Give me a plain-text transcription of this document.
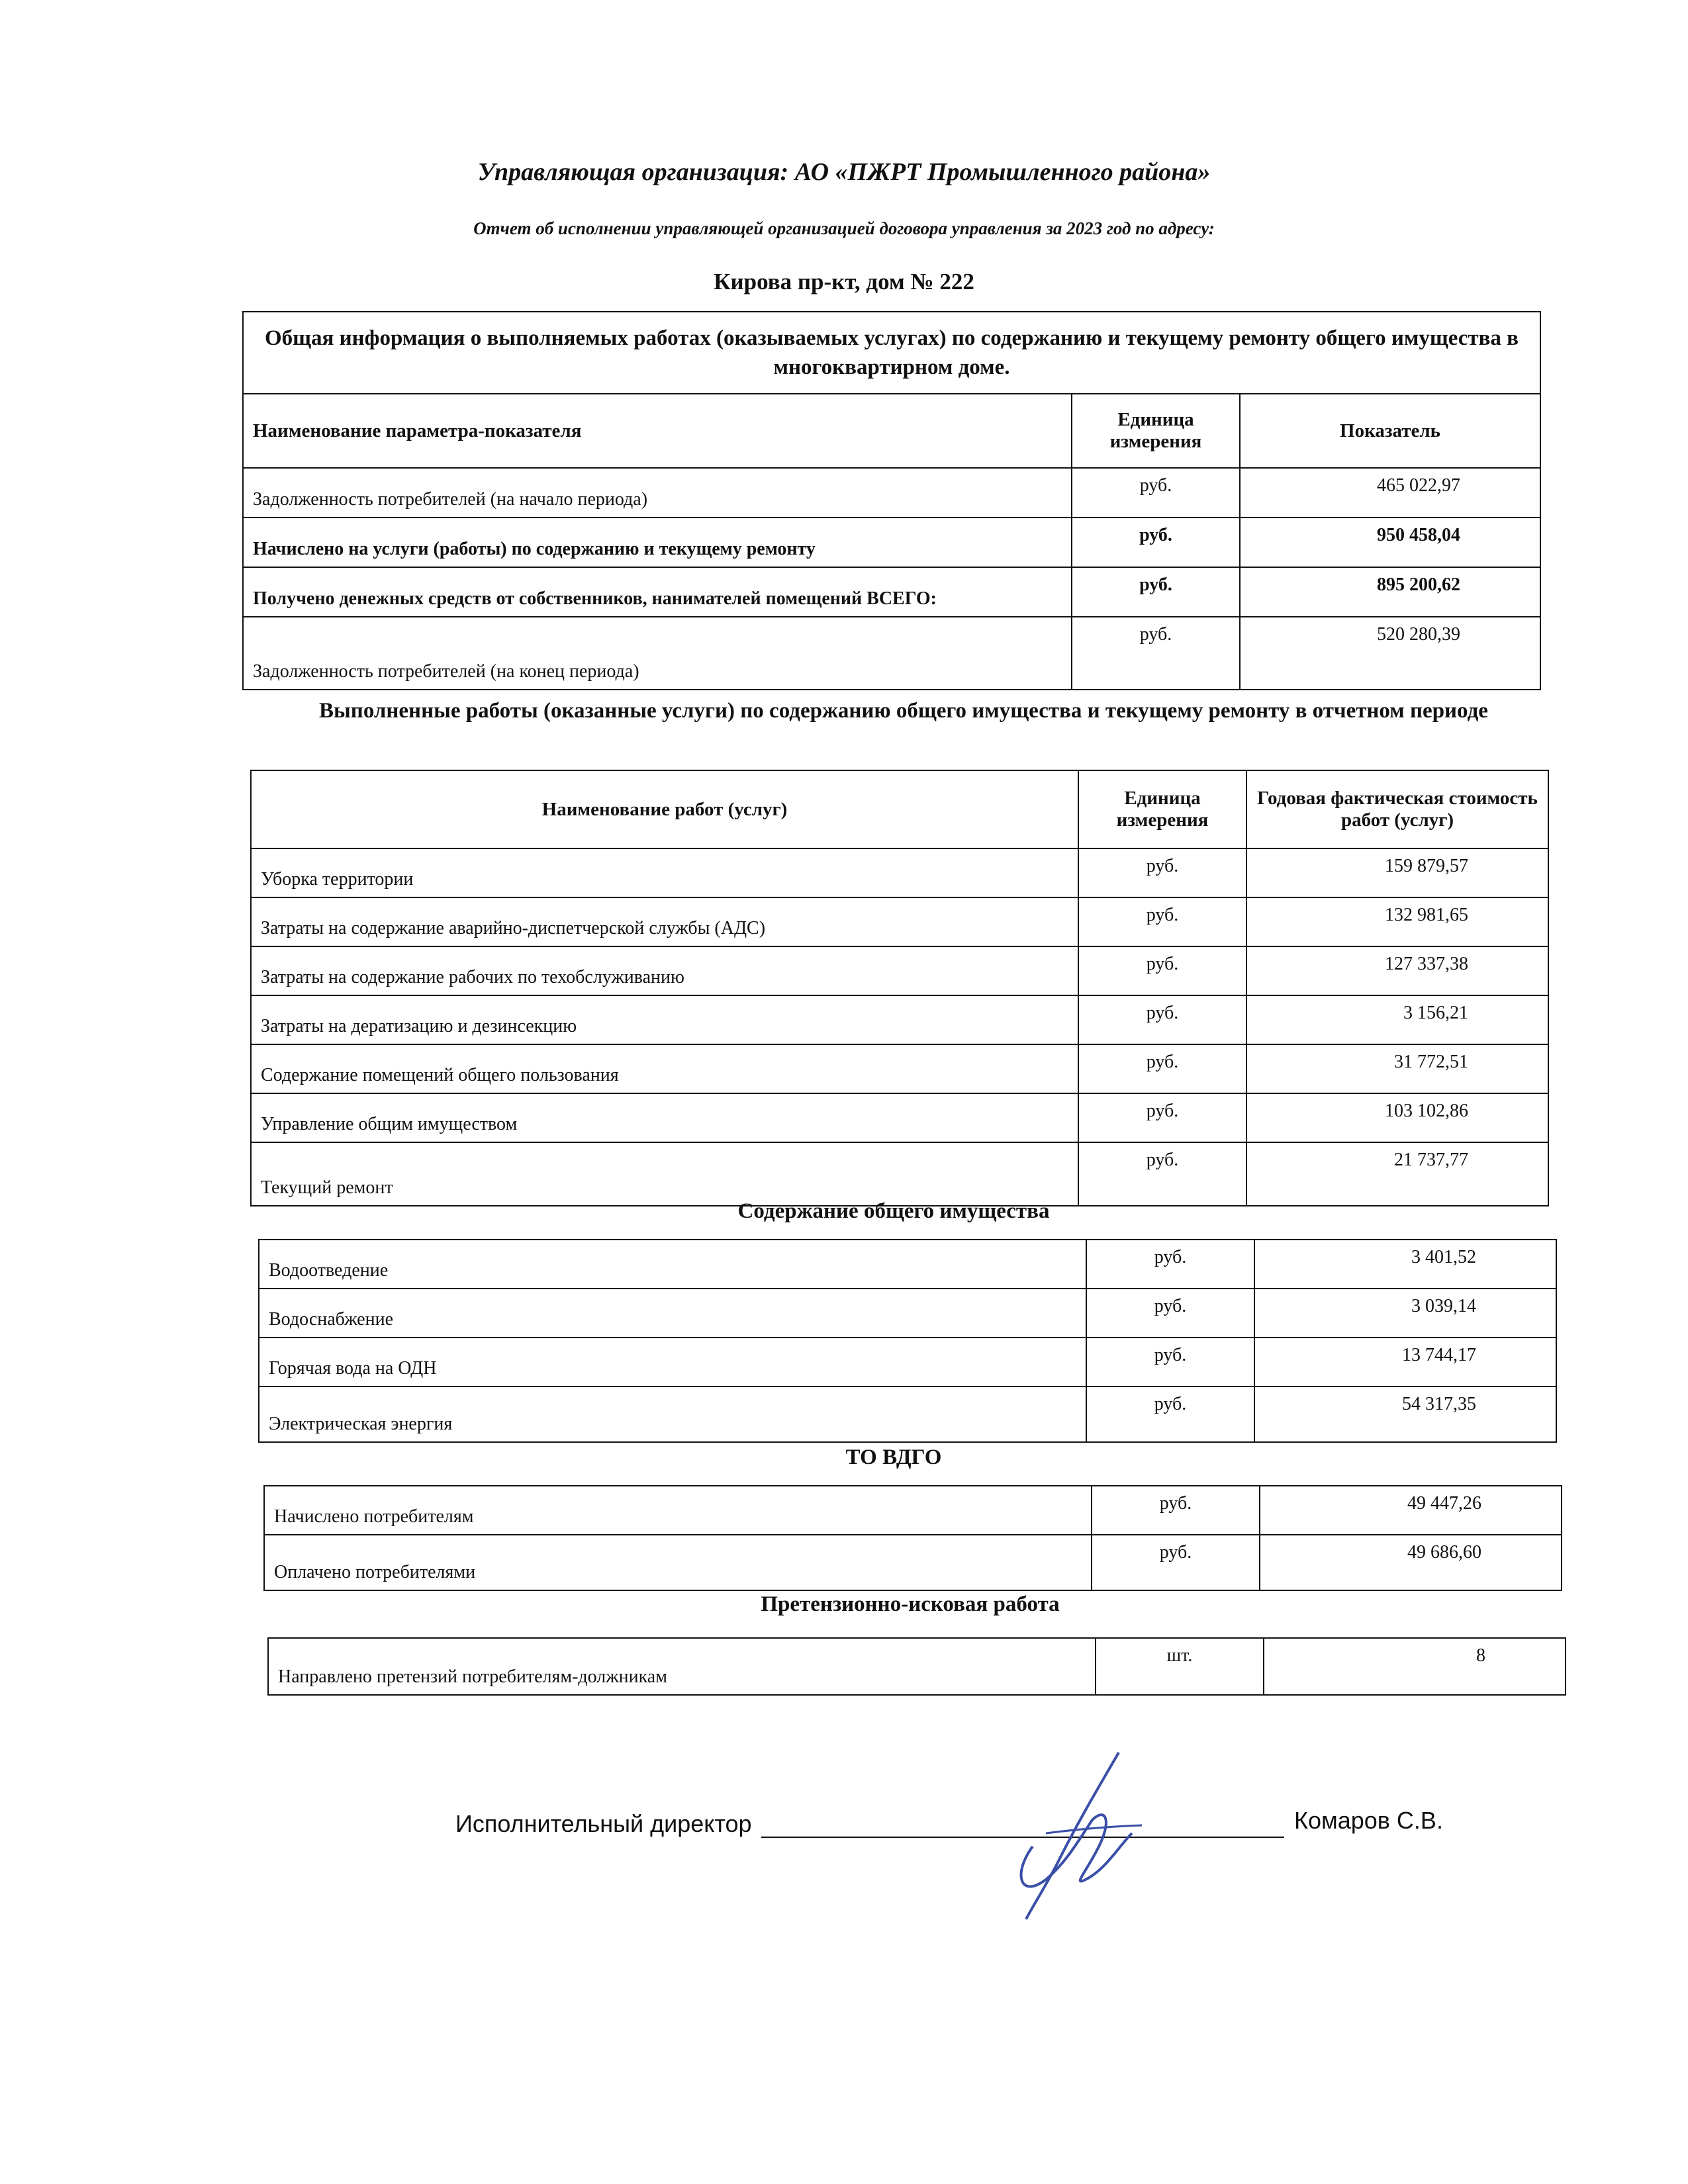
Управляющая организация: АО «ПЖРТ Промышленного района»
Отчет об исполнении управляющей организацией договора управления за 2023 год по адресу:
Кирова пр-кт, дом № 222
Общая информация о выполняемых работах (оказываемых услугах) по содержанию и текущему ремонту общего имущества в многоквартирном доме.		
Наименование параметра-показателя	Единица измерения	Показатель
Задолженность потребителей (на начало периода)	руб.	465 022,97
Начислено на услуги (работы) по содержанию и текущему ремонту	руб.	950 458,04
Получено денежных средств от собственников, нанимателей помещений ВСЕГО:	руб.	895 200,62
Задолженность потребителей (на конец периода)	руб.	520 280,39
Выполненные работы (оказанные услуги) по содержанию общего имущества и текущему ремонту в отчетном периоде
Наименование работ (услуг)	Единица измерения	Годовая фактическая стоимость работ (услуг)
Уборка территории	руб.	159 879,57
Затраты на содержание аварийно-диспетчерской службы (АДС)	руб.	132 981,65
Затраты на содержание рабочих по техобслуживанию	руб.	127 337,38
Затраты на дератизацию и дезинсекцию	руб.	3 156,21
Содержание помещений общего пользования	руб.	31 772,51
Управление общим имуществом	руб.	103 102,86
Текущий ремонт	руб.	21 737,77
Содержание общего имущества
Водоотведение	руб.	3 401,52
Водоснабжение	руб.	3 039,14
Горячая вода на ОДН	руб.	13 744,17
Электрическая энергия	руб.	54 317,35
ТО ВДГО
Начислено потребителям	руб.	49 447,26
Оплачено потребителями	руб.	49 686,60
Претензионно-исковая работа
Направлено претензий потребителям-должникам	шт.	8
Исполнительный директор	Комаров С.В.
